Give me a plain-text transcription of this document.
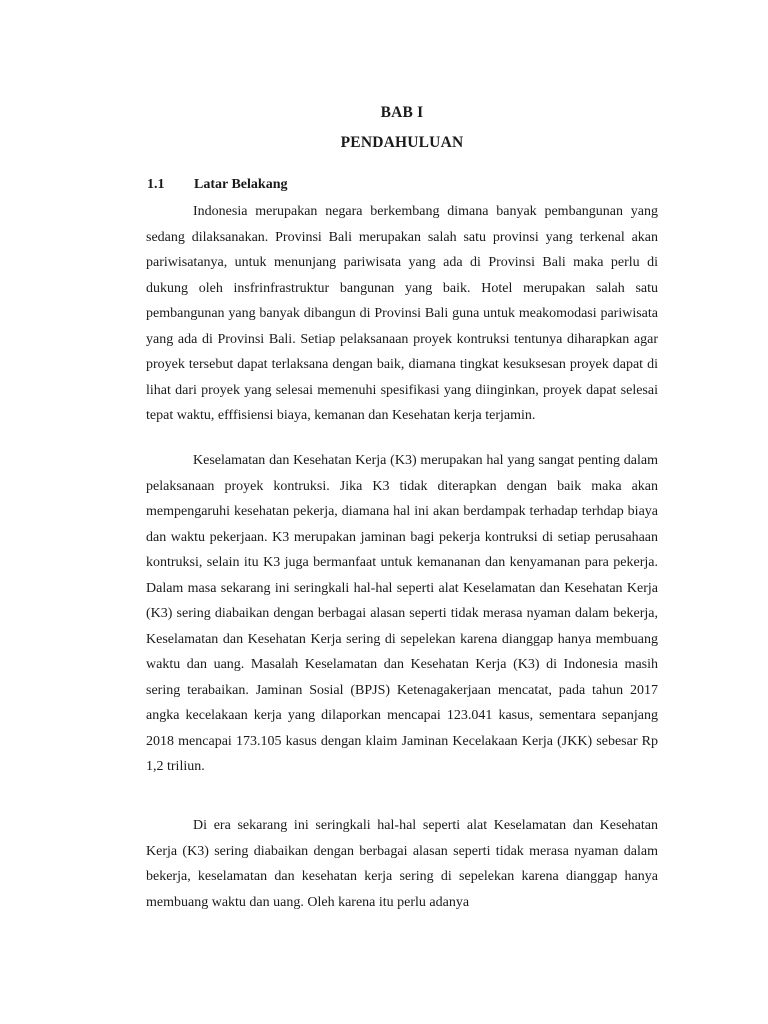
BAB I
PENDAHULUAN
1.1 Latar Belakang

Indonesia merupakan negara berkembang dimana banyak pembangunan yang sedang dilaksanakan. Provinsi Bali merupakan salah satu provinsi yang terkenal akan pariwisatanya, untuk menunjang pariwisata yang ada di Provinsi Bali maka perlu di dukung oleh insfrinfrastruktur bangunan yang baik. Hotel merupakan salah satu pembangunan yang banyak dibangun di Provinsi Bali guna untuk meakomodasi pariwisata yang ada di Provinsi Bali. Setiap pelaksanaan proyek kontruksi tentunya diharapkan agar proyek tersebut dapat terlaksana dengan baik, diamana tingkat kesuksesan proyek dapat di lihat dari proyek yang selesai memenuhi spesifikasi yang diinginkan, proyek dapat selesai tepat waktu, efffisiensi biaya, kemanan dan Kesehatan kerja terjamin.

Keselamatan dan Kesehatan Kerja (K3) merupakan hal yang sangat penting dalam pelaksanaan proyek kontruksi. Jika K3 tidak diterapkan dengan baik maka akan mempengaruhi kesehatan pekerja, diamana hal ini akan berdampak terhadap terhdap biaya dan waktu pekerjaan. K3 merupakan jaminan bagi pekerja kontruksi di setiap perusahaan kontruksi, selain itu K3 juga bermanfaat untuk kemananan dan kenyamanan para pekerja. Dalam masa sekarang ini seringkali hal-hal seperti alat Keselamatan dan Kesehatan Kerja (K3) sering diabaikan dengan berbagai alasan seperti tidak merasa nyaman dalam bekerja, Keselamatan dan Kesehatan Kerja sering di sepelekan karena dianggap hanya membuang waktu dan uang. Masalah Keselamatan dan Kesehatan Kerja (K3) di Indonesia masih sering terabaikan. Jaminan Sosial (BPJS) Ketenagakerjaan mencatat, pada tahun 2017 angka kecelakaan kerja yang dilaporkan mencapai 123.041 kasus, sementara sepanjang 2018 mencapai 173.105 kasus dengan klaim Jaminan Kecelakaan Kerja (JKK) sebesar Rp 1,2 triliun.

Di era sekarang ini seringkali hal-hal seperti alat Keselamatan dan Kesehatan Kerja (K3) sering diabaikan dengan berbagai alasan seperti tidak merasa nyaman dalam bekerja, keselamatan dan kesehatan kerja sering di sepelekan karena dianggap hanya membuang waktu dan uang. Oleh karena itu perlu adanya
